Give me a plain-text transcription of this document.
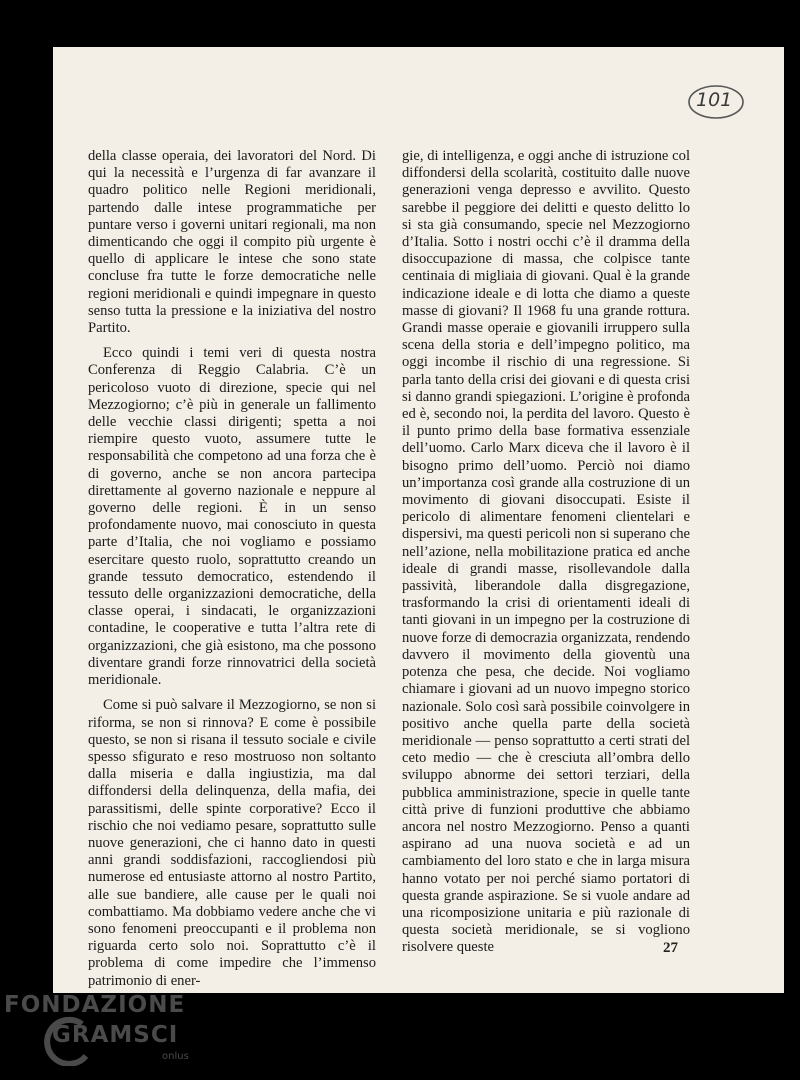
101

della classe operaia, dei lavoratori del Nord. Di qui la necessità e l’urgenza di far avanzare il quadro politico nelle Regioni meridionali, partendo dalle intese programmatiche per puntare verso i governi unitari regionali, ma non dimenticando che oggi il compito più urgente è quello di applicare le intese che sono state concluse fra tutte le forze democratiche nelle regioni meridionali e quindi impegnare in questo senso tutta la pressione e la iniziativa del nostro Partito.

Ecco quindi i temi veri di questa nostra Conferenza di Reggio Calabria. C’è un pericoloso vuoto di direzione, specie qui nel Mezzogiorno; c’è più in generale un fallimento delle vecchie classi dirigenti; spetta a noi riempire questo vuoto, assumere tutte le responsabilità che competono ad una forza che è di governo, anche se non ancora partecipa direttamente al governo nazionale e neppure al governo delle regioni. È in un senso profondamente nuovo, mai conosciuto in questa parte d’Italia, che noi vogliamo e possiamo esercitare questo ruolo, soprattutto creando un grande tessuto democratico, estendendo il tessuto delle organizzazioni democratiche, della classe operai, i sindacati, le organizzazioni contadine, le cooperative e tutta l’altra rete di organizzazioni, che già esistono, ma che possono diventare grandi forze rinnovatrici della società meridionale.

Come si può salvare il Mezzogiorno, se non si riforma, se non si rinnova? E come è possibile questo, se non si risana il tessuto sociale e civile spesso sfigurato e reso mostruoso non soltanto dalla miseria e dalla ingiustizia, ma dal diffondersi della delinquenza, della mafia, dei parassitismi, delle spinte corporative? Ecco il rischio che noi vediamo pesare, soprattutto sulle nuove generazioni, che ci hanno dato in questi anni grandi soddisfazioni, raccogliendosi più numerose ed entusiaste attorno al nostro Partito, alle sue bandiere, alle cause per le quali noi combattiamo. Ma dobbiamo vedere anche che vi sono fenomeni preoccupanti e il problema non riguarda certo solo noi. Soprattutto c’è il problema di come impedire che l’immenso patrimonio di ener-

gie, di intelligenza, e oggi anche di istruzione col diffondersi della scolarità, costituito dalle nuove generazioni venga depresso e avvilito. Questo sarebbe il peggiore dei delitti e questo delitto lo si sta già consumando, specie nel Mezzogiorno d’Italia. Sotto i nostri occhi c’è il dramma della disoccupazione di massa, che colpisce tante centinaia di migliaia di giovani. Qual è la grande indicazione ideale e di lotta che diamo a queste masse di giovani? Il 1968 fu una grande rottura. Grandi masse operaie e giovanili irruppero sulla scena della storia e dell’impegno politico, ma oggi incombe il rischio di una regressione. Si parla tanto della crisi dei giovani e di questa crisi si danno grandi spiegazioni. L’origine è profonda ed è, secondo noi, la perdita del lavoro. Questo è il punto primo della base formativa essenziale dell’uomo. Carlo Marx diceva che il lavoro è il bisogno primo dell’uomo. Perciò noi diamo un’importanza così grande alla costruzione di un movimento di giovani disoccupati. Esiste il pericolo di alimentare fenomeni clientelari e dispersivi, ma questi pericoli non si superano che nell’azione, nella mobilitazione pratica ed anche ideale di grandi masse, risollevandole dalla passività, liberandole dalla disgregazione, trasformando la crisi di orientamenti ideali di tanti giovani in un impegno per la costruzione di nuove forze di democrazia organizzata, rendendo davvero il movimento della gioventù una potenza che pesa, che decide. Noi vogliamo chiamare i giovani ad un nuovo impegno storico nazionale. Solo così sarà possibile coinvolgere in positivo anche quella parte della società meridionale — penso soprattutto a certi strati del ceto medio — che è cresciuta all’ombra dello sviluppo abnorme dei settori terziari, della pubblica amministrazione, specie in quelle tante città prive di funzioni produttive che abbiamo ancora nel nostro Mezzogiorno. Penso a quanti aspirano ad una nuova società e ad un cambiamento del loro stato e che in larga misura hanno votato per noi perché siamo portatori di questa grande aspirazione. Se si vuole andare ad una ricomposizione unitaria e più razionale di questa società meridionale, se si vogliono risolvere queste	27
FONDAZIONE
GRAMSCI
onlus
